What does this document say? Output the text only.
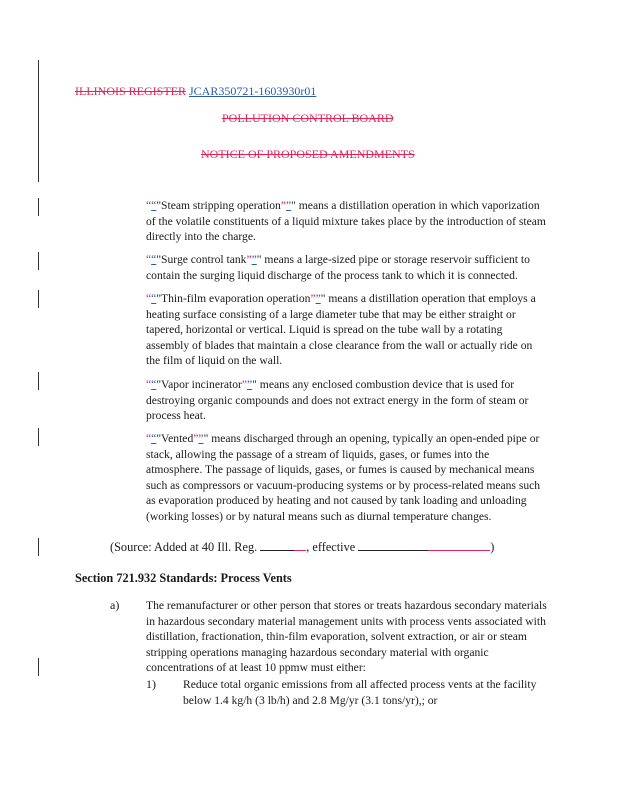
ILLINOIS REGISTER JCAR350721-1603930r01
POLLUTION CONTROL BOARD
NOTICE OF PROPOSED AMENDMENTS
““"Steam stripping operation””" means a distillation operation in which vaporization of the volatile constituents of a liquid mixture takes place by the introduction of steam directly into the charge.
““"Surge control tank””" means a large-sized pipe or storage reservoir sufficient to contain the surging liquid discharge of the process tank to which it is connected.
““"Thin-film evaporation operation””" means a distillation operation that employs a heating surface consisting of a large diameter tube that may be either straight or tapered, horizontal or vertical. Liquid is spread on the tube wall by a rotating assembly of blades that maintain a close clearance from the wall or actually ride on the film of liquid on the wall.
““"Vapor incinerator””" means any enclosed combustion device that is used for destroying organic compounds and does not extract energy in the form of steam or process heat.
““"Vented””" means discharged through an opening, typically an open-ended pipe or stack, allowing the passage of a stream of liquids, gases, or fumes into the atmosphere. The passage of liquids, gases, or fumes is caused by mechanical means such as compressors or vacuum-producing systems or by process-related means such as evaporation produced by heating and not caused by tank loading and unloading (working losses) or by natural means such as diurnal temperature changes.
(Source: Added at 40 Ill. Reg.	, effective	)
Section 721.932 Standards: Process Vents
a) The remanufacturer or other person that stores or treats hazardous secondary materials in hazardous secondary material management units with process vents associated with distillation, fractionation, thin-film evaporation, solvent extraction, or air or steam stripping operations managing hazardous secondary material with organic concentrations of at least 10 ppmw must either:
1) Reduce total organic emissions from all affected process vents at the facility below 1.4 kg/h (3 lb/h) and 2.8 Mg/yr (3.1 tons/yr),; or
